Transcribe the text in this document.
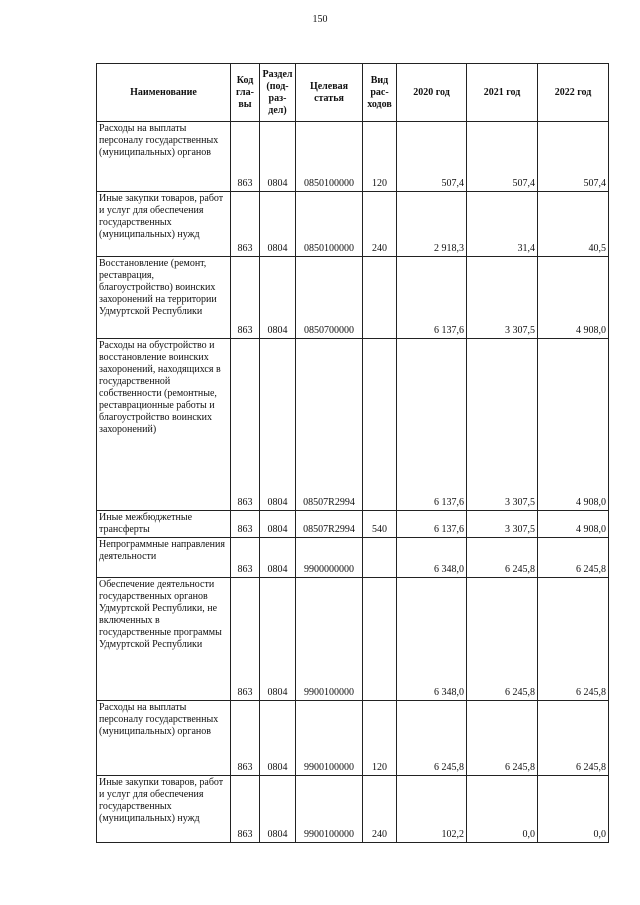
150
Наименование	Код гла-вы	Раздел (под-раз-дел)	Целевая статья	Вид рас-ходов	2020 год	2021 год	2022 год
Расходы на выплаты персоналу государственных (муниципальных) органов	863	0804	0850100000	120	507,4	507,4	507,4
Иные закупки товаров, работ и услуг для обеспечения государственных (муниципальных) нужд	863	0804	0850100000	240	2 918,3	31,4	40,5
Восстановление (ремонт, реставрация, благоустройство) воинских захоронений на территории Удмуртской Республики	863	0804	0850700000		6 137,6	3 307,5	4 908,0
Расходы на обустройство и восстановление воинских захоронений, находящихся в государственной собственности (ремонтные, реставрационные работы и благоустройство воинских захоронений)	863	0804	08507R2994		6 137,6	3 307,5	4 908,0
Иные межбюджетные трансферты	863	0804	08507R2994	540	6 137,6	3 307,5	4 908,0
Непрограммные направления деятельности	863	0804	9900000000		6 348,0	6 245,8	6 245,8
Обеспечение деятельности государственных органов Удмуртской Республики, не включенных в государственные программы Удмуртской Республики	863	0804	9900100000		6 348,0	6 245,8	6 245,8
Расходы на выплаты персоналу государственных (муниципальных) органов	863	0804	9900100000	120	6 245,8	6 245,8	6 245,8
Иные закупки товаров, работ и услуг для обеспечения государственных (муниципальных) нужд	863	0804	9900100000	240	102,2	0,0	0,0
